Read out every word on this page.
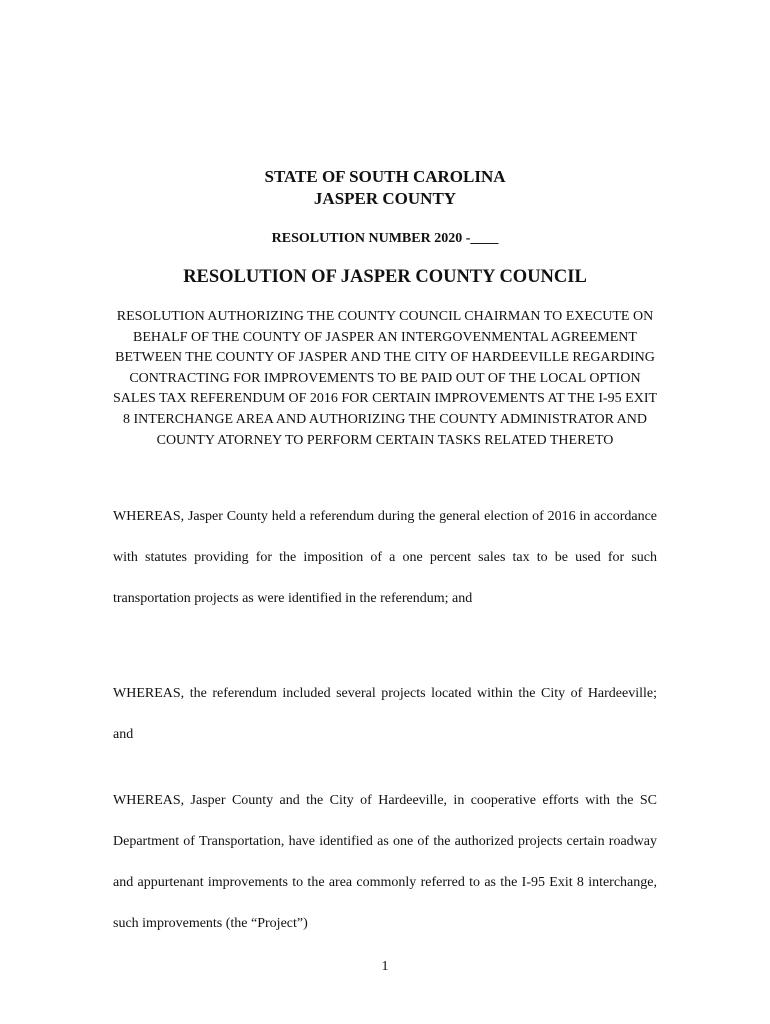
STATE OF SOUTH CAROLINA
JASPER COUNTY
RESOLUTION NUMBER 2020 -____
RESOLUTION OF JASPER COUNTY COUNCIL
RESOLUTION AUTHORIZING THE COUNTY COUNCIL CHAIRMAN TO EXECUTE ON BEHALF OF THE COUNTY OF JASPER AN INTERGOVENMENTAL AGREEMENT BETWEEN THE COUNTY OF JASPER AND THE CITY OF HARDEEVILLE REGARDING CONTRACTING FOR IMPROVEMENTS TO BE PAID OUT OF THE LOCAL OPTION SALES TAX REFERENDUM OF 2016 FOR CERTAIN IMPROVEMENTS AT THE I-95 EXIT 8 INTERCHANGE AREA AND AUTHORIZING THE COUNTY ADMINISTRATOR AND COUNTY ATORNEY TO PERFORM CERTAIN TASKS RELATED THERETO
WHEREAS, Jasper County held a referendum during the general election of 2016 in accordance with statutes providing for the imposition of a one percent sales tax to be used for such transportation projects as were identified in the referendum; and
WHEREAS, the referendum included several projects located within the City of Hardeeville; and
WHEREAS, Jasper County and the City of Hardeeville, in cooperative efforts with the SC Department of Transportation, have identified as one of the authorized projects certain roadway and appurtenant improvements to the area commonly referred to as the I-95 Exit 8 interchange, such improvements (the “Project”)
1
